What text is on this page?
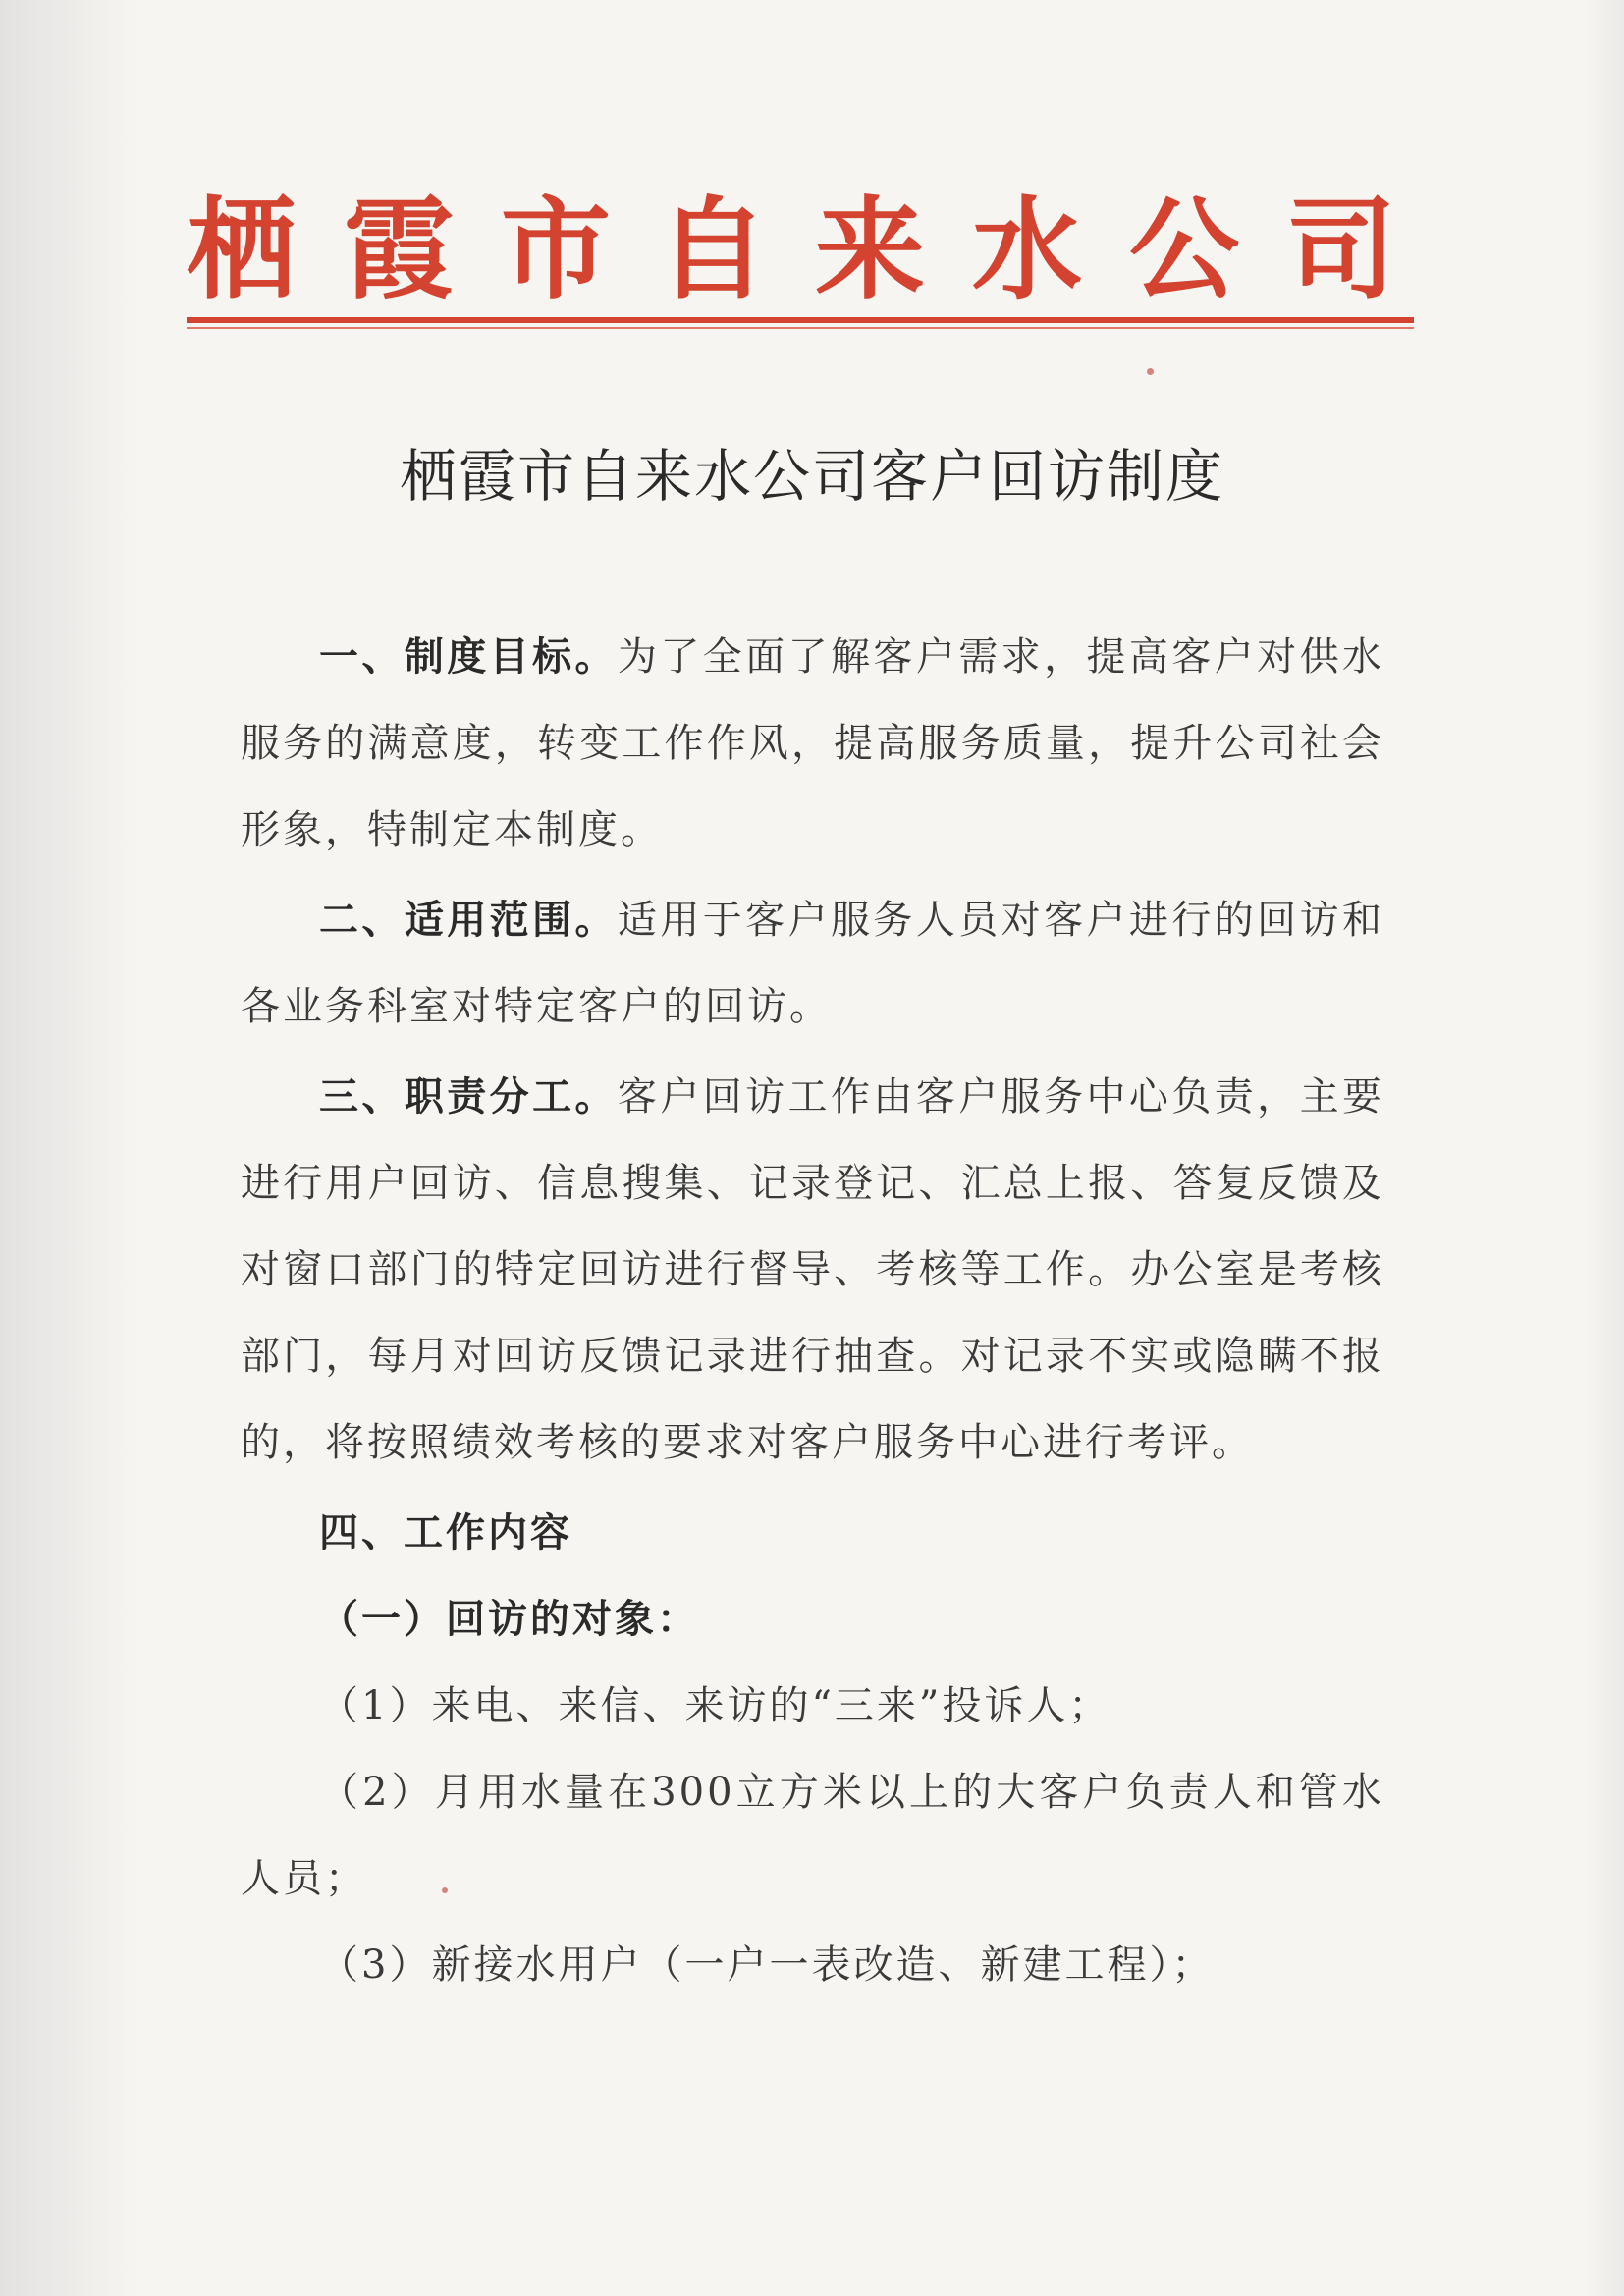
栖霞市自来水公司
栖霞市自来水公司客户回访制度

一、制度目标。为了全面了解客户需求，提高客户对供水服务的满意度，转变工作作风，提高服务质量，提升公司社会形象，特制定本制度。

二、适用范围。适用于客户服务人员对客户进行的回访和各业务科室对特定客户的回访。

三、职责分工。客户回访工作由客户服务中心负责，主要进行用户回访、信息搜集、记录登记、汇总上报、答复反馈及对窗口部门的特定回访进行督导、考核等工作。办公室是考核部门，每月对回访反馈记录进行抽查。对记录不实或隐瞒不报的，将按照绩效考核的要求对客户服务中心进行考评。

四、工作内容

（一）回访的对象：

（1）来电、来信、来访的“三来”投诉人；

（2）月用水量在300立方米以上的大客户负责人和管水人员；

（3）新接水用户（一户一表改造、新建工程）；
